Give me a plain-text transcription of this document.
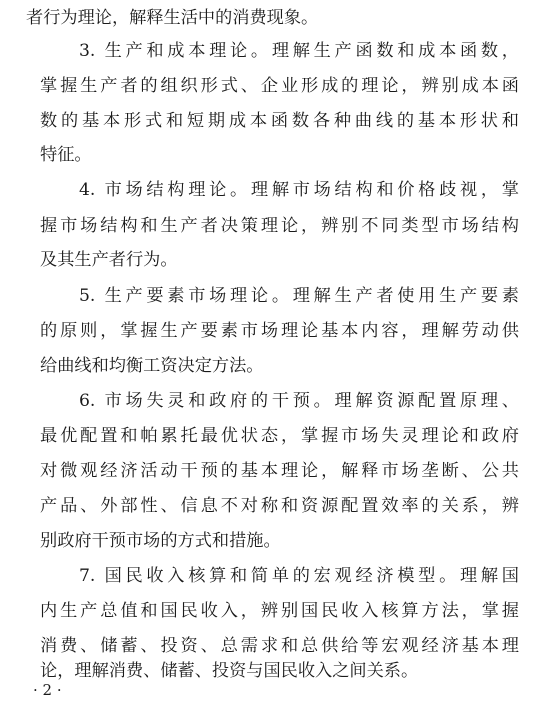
者行为理论，解释生活中的消费现象。
3. 生产和成本理论。理解生产函数和成本函数，
掌握生产者的组织形式、企业形成的理论，辨别成本函
数的基本形式和短期成本函数各种曲线的基本形状和
特征。
4. 市场结构理论。理解市场结构和价格歧视，掌
握市场结构和生产者决策理论，辨别不同类型市场结构
及其生产者行为。
5. 生产要素市场理论。理解生产者使用生产要素
的原则，掌握生产要素市场理论基本内容，理解劳动供
给曲线和均衡工资决定方法。
6. 市场失灵和政府的干预。理解资源配置原理、
最优配置和帕累托最优状态，掌握市场失灵理论和政府
对微观经济活动干预的基本理论，解释市场垄断、公共
产品、外部性、信息不对称和资源配置效率的关系，辨
别政府干预市场的方式和措施。
7. 国民收入核算和简单的宏观经济模型。理解国
内生产总值和国民收入，辨别国民收入核算方法，掌握
消费、储蓄、投资、总需求和总供给等宏观经济基本理
论，理解消费、储蓄、投资与国民收入之间关系。
· 2 ·
